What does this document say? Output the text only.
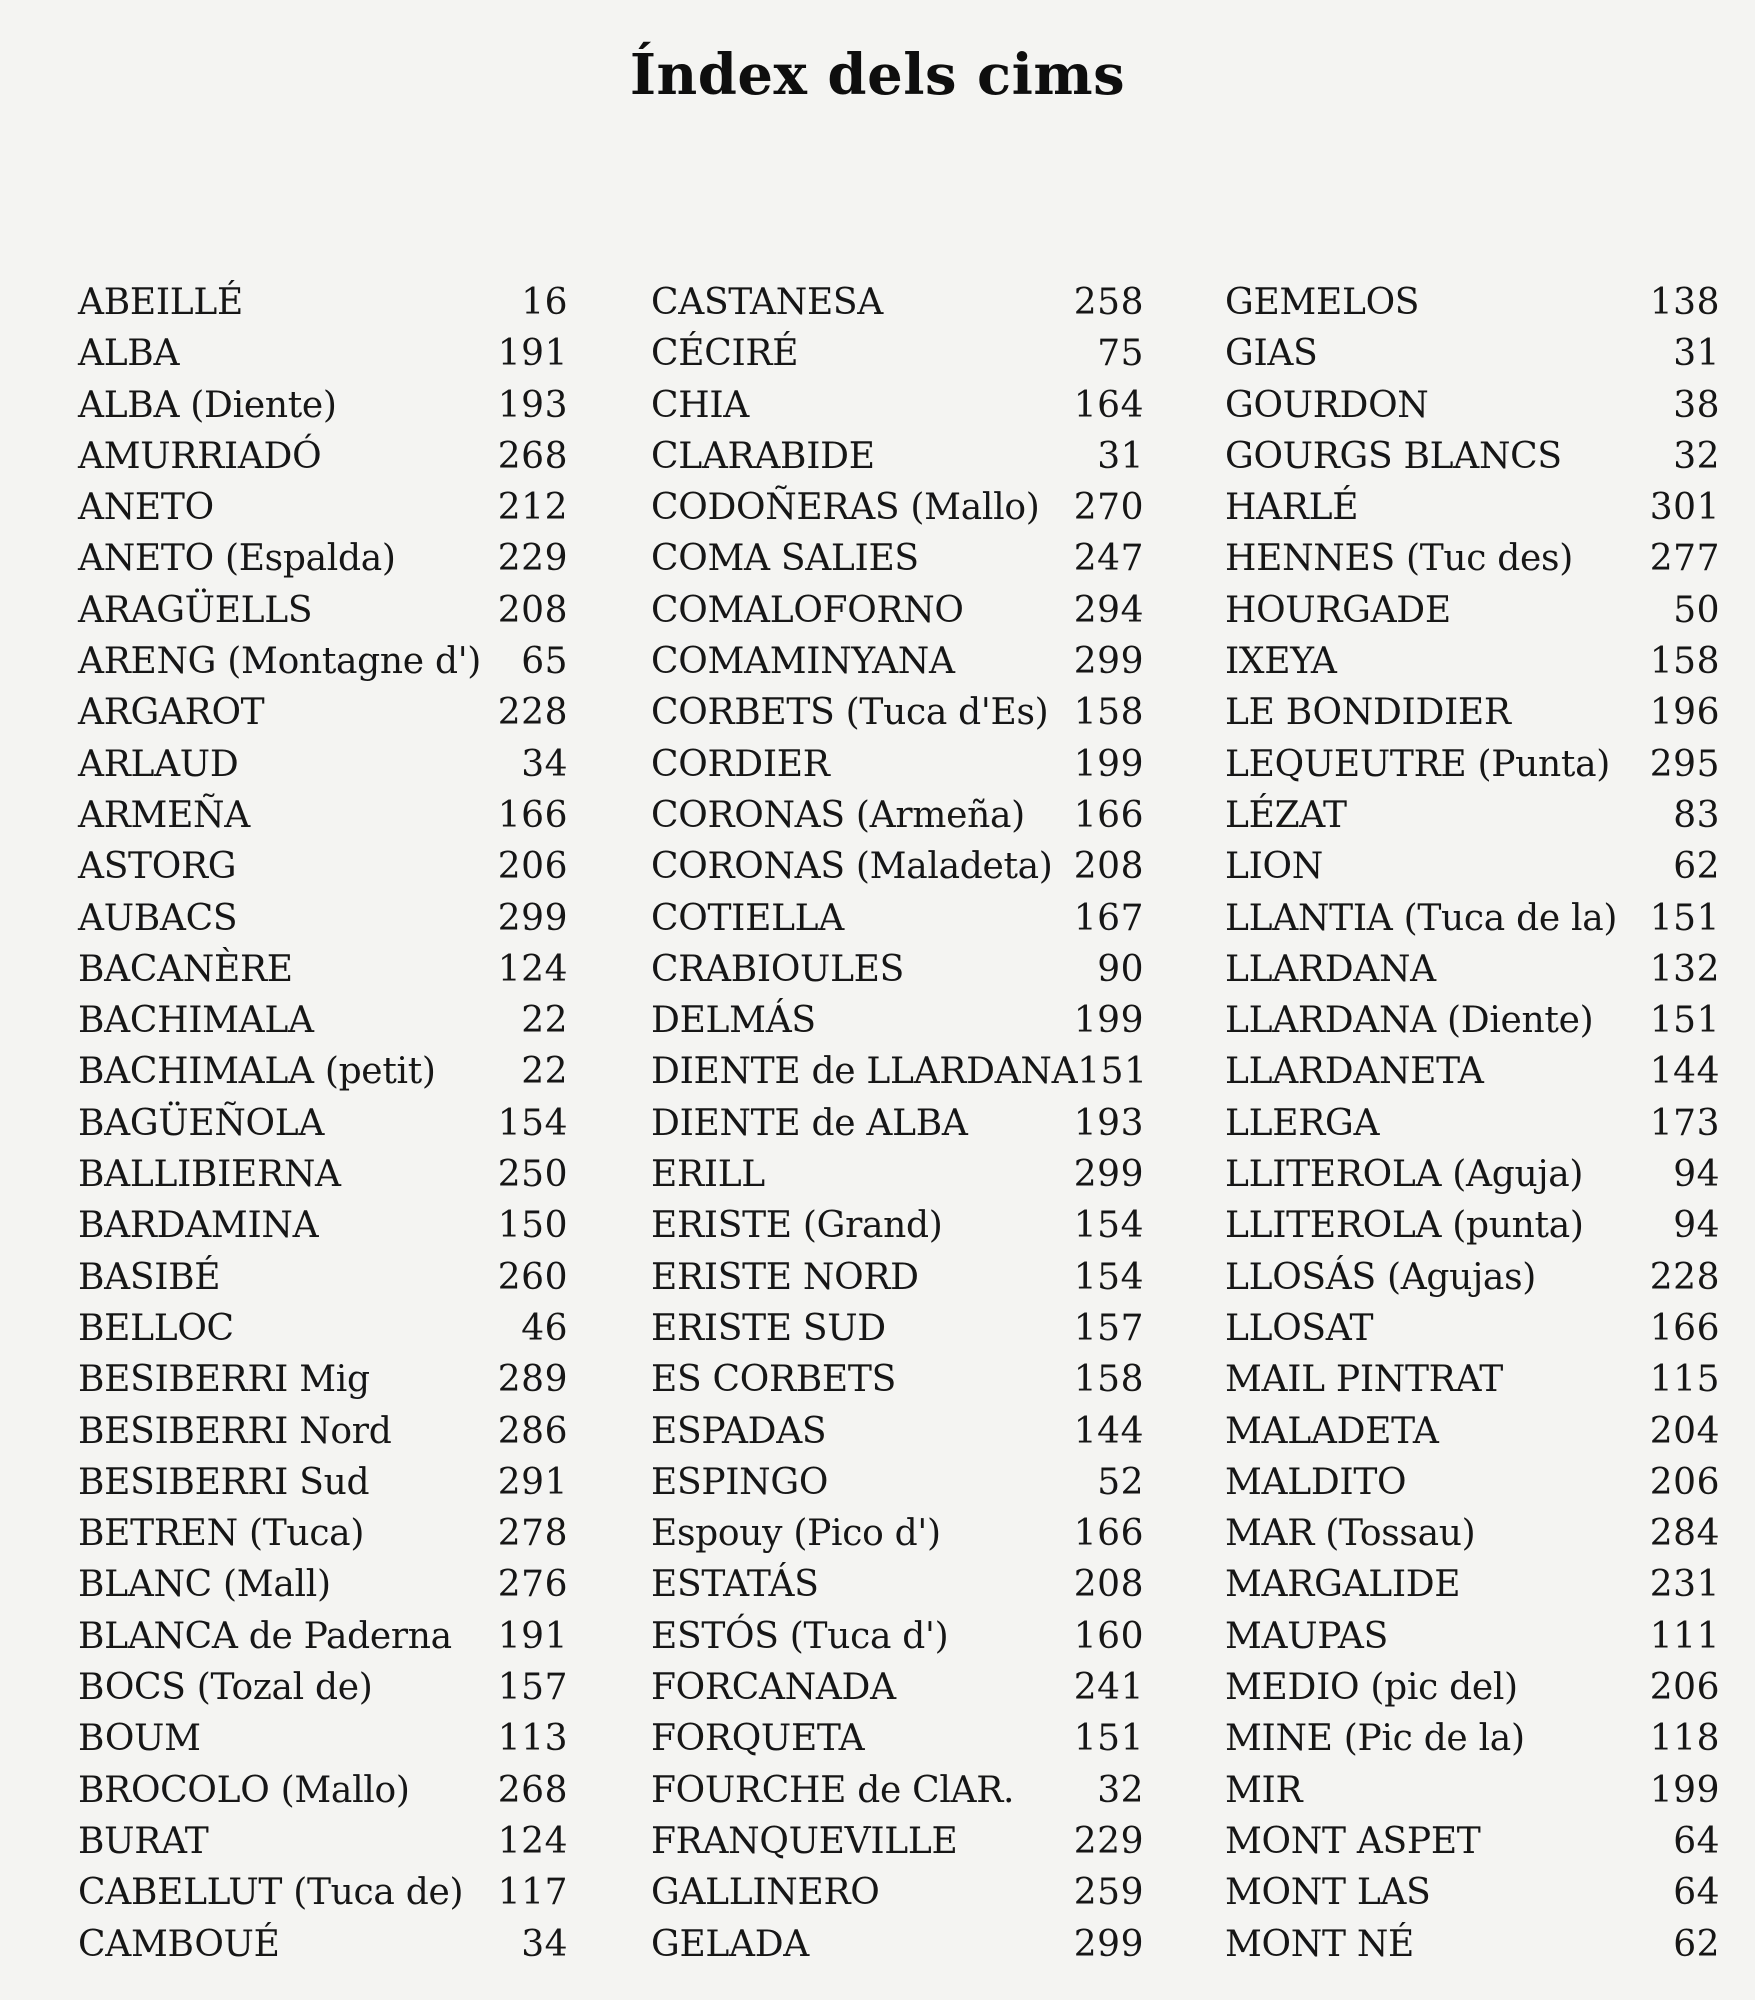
Índex dels cims
ABEILLÉ	16
ALBA	191
ALBA (Diente)	193
AMURRIADÓ	268
ANETO	212
ANETO (Espalda)	229
ARAGÜELLS	208
ARENG (Montagne d') 65
ARGAROT	228
ARLAUD	34
ARMEÑA	166
ASTORG	206
AUBACS	299
BACANÈRE	124
BACHIMALA	22
BACHIMALA (petit) 22
BAGÜEÑOLA	154
BALLIBIERNA	250
BARDAMINA	150
BASIBÉ	260
BELLOC	46
BESIBERRI Mig	289
BESIBERRI Nord	286
BESIBERRI Sud	291
BETREN (Tuca)	278
BLANC (Mall)	276
BLANCA de Paderna 191
BOCS (Tozal de)	157
BOUM	113
BROCOLO (Mallo) 268
BURAT	124
CABELLUT (Tuca de) 117
CAMBOUÉ	34
CASTANESA	258
CÉCIRÉ	75
CHIA	164
CLARABIDE	31
CODOÑERAS (Mallo) 270
COMA SALIES	247
COMALOFORNO	294
COMAMINYANA	299
CORBETS (Tuca d'Es) 158
CORDIER	199
CORONAS (Armeña) 166
CORONAS (Maladeta) 208
COTIELLA	167
CRABIOULES	90
DELMÁS	199
DIENTE de LLARDANA 151
DIENTE de ALBA	193
ERILL	299
ERISTE (Grand)	154
ERISTE NORD	154
ERISTE SUD	157
ES CORBETS	158
ESPADAS	144
ESPINGO	52
Espouy (Pico d')	166
ESTATÁS	208
ESTÓS (Tuca d')	160
FORCANADA	241
FORQUETA	151
FOURCHE de ClAR. 32
FRANQUEVILLE	229
GALLINERO	259
GELADA	299
GEMELOS	138
GIAS	31
GOURDON	38
GOURGS BLANCS	32
HARLÉ	301
HENNES (Tuc des) 277
HOURGADE	50
IXEYA	158
LE BONDIDIER	196
LEQUEUTRE (Punta) 295
LÉZAT	83
LION	62
LLANTIA (Tuca de la) 151
LLARDANA	132
LLARDANA (Diente) 151
LLARDANETA	144
LLERGA	173
LLITEROLA (Aguja)	94
LLITEROLA (punta) 94
LLOSÁS (Agujas)	228
LLOSAT	166
MAIL PINTRAT	115
MALADETA	204
MALDITO	206
MAR (Tossau)	284
MARGALIDE	231
MAUPAS	111
MEDIO (pic del)	206
MINE (Pic de la)	118
MIR	199
MONT ASPET	64
MONT LAS	64
MONT NÉ	62
